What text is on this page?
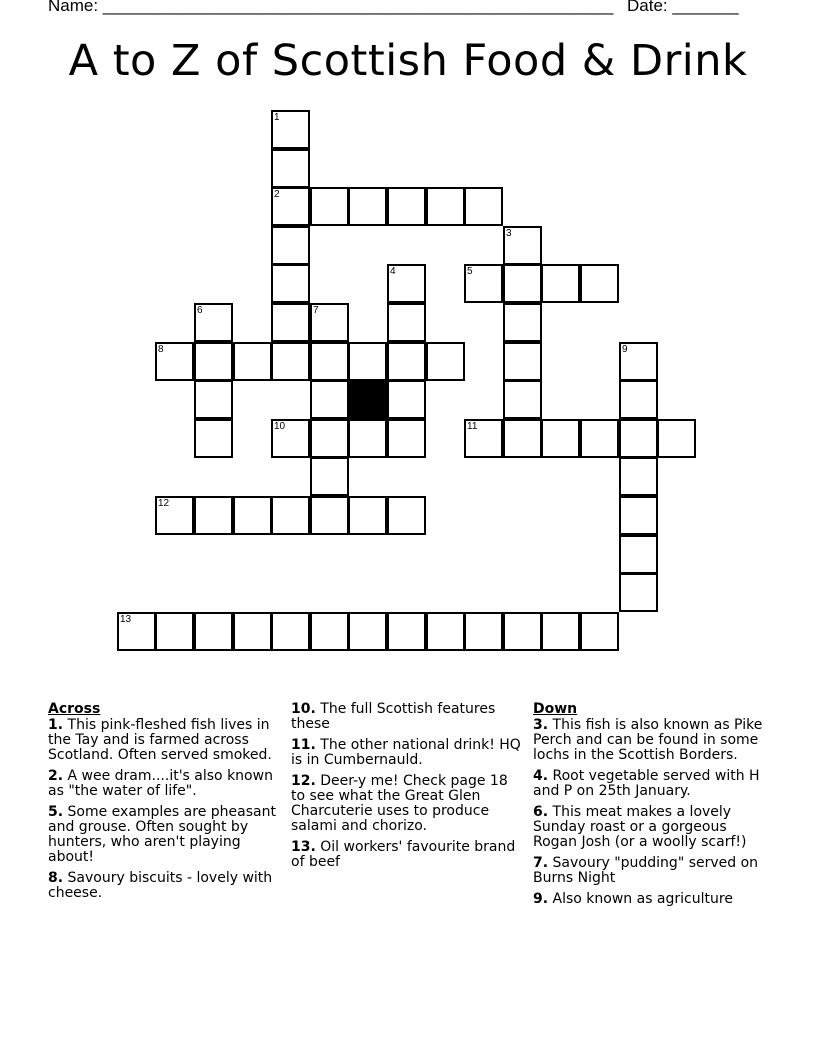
Name: ______________________________________________________ Date: _______
A to Z of Scottish Food & Drink
1
2
3
4	5
6	7
8	9
10	11
12
13
Across
1. This pink-fleshed fish lives in the Tay and is farmed across Scotland. Often served smoked.
2. A wee dram....it's also known as "the water of life".
5. Some examples are pheasant and grouse. Often sought by hunters, who aren't playing about!
8. Savoury biscuits - lovely with cheese.
10. The full Scottish features these
11. The other national drink! HQ is in Cumbernauld.
12. Deer-y me! Check page 18 to see what the Great Glen Charcuterie uses to produce salami and chorizo.
13. Oil workers' favourite brand of beef
Down
3. This fish is also known as Pike Perch and can be found in some lochs in the Scottish Borders.
4. Root vegetable served with H and P on 25th January.
6. This meat makes a lovely Sunday roast or a gorgeous Rogan Josh (or a woolly scarf!)
7. Savoury "pudding" served on Burns Night
9. Also known as agriculture
